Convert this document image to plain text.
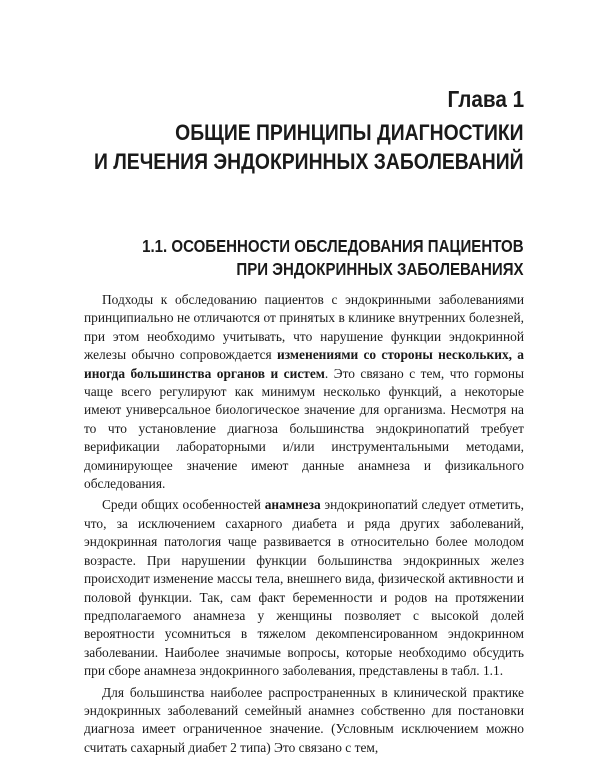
Глава 1
ОБЩИЕ ПРИНЦИПЫ ДИАГНОСТИКИ
И ЛЕЧЕНИЯ ЭНДОКРИННЫХ ЗАБОЛЕВАНИЙ
1.1. ОСОБЕННОСТИ ОБСЛЕДОВАНИЯ ПАЦИЕНТОВ
ПРИ ЭНДОКРИННЫХ ЗАБОЛЕВАНИЯХ

Подходы к обследованию пациентов с эндокринными заболеваниями принципиально не отличаются от принятых в клинике внутренних болезней, при этом необходимо учитывать, что нарушение функции эндокринной железы обычно сопровождается изменениями со стороны нескольких, а иногда большинства органов и систем. Это связано с тем, что гормоны чаще всего регулируют как минимум несколько функций, а некоторые имеют универсальное биологическое значение для организма. Несмотря на то что установление диагноза большинства эндокринопатий требует верификации лабораторными и/или инструментальными методами, доминирующее значение имеют данные анамнеза и физикального обследования.

Среди общих особенностей анамнеза эндокринопатий следует отметить, что, за исключением сахарного диабета и ряда других заболеваний, эндокринная патология чаще развивается в относительно более молодом возрасте. При нарушении функции большинства эндокринных желез происходит изменение массы тела, внешнего вида, физической активности и половой функции. Так, сам факт беременности и родов на протяжении предполагаемого анамнеза у женщины позволяет с высокой долей вероятности усомниться в тяжелом декомпенсированном эндокринном заболевании. Наиболее значимые вопросы, которые необходимо обсудить при сборе анамнеза эндокринного заболевания, представлены в табл. 1.1.

Для большинства наиболее распространенных в клинической практике эндокринных заболеваний семейный анамнез собственно для постановки диагноза имеет ограниченное значение. (Условным исключением можно считать сахарный диабет 2 типа) Это связано с тем,
